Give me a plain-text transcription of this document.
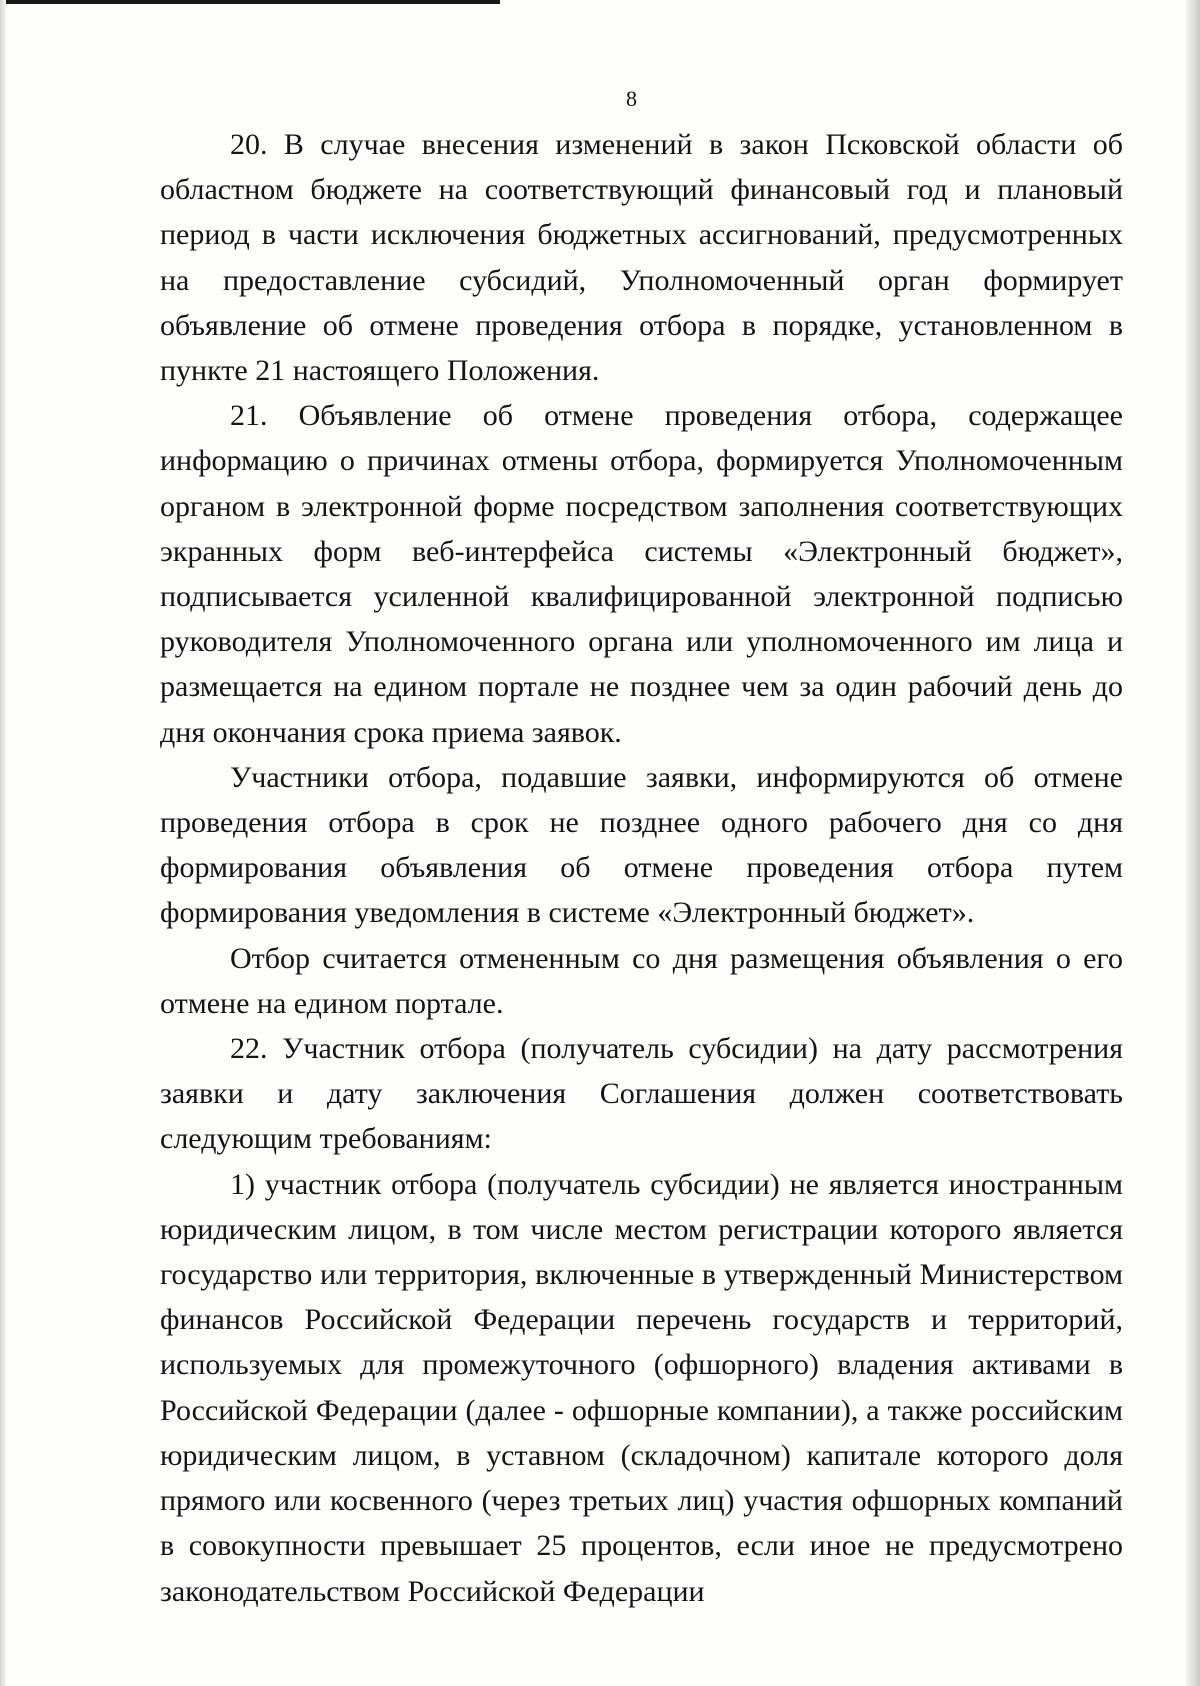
8

20. В случае внесения изменений в закон Псковской области об областном бюджете на соответствующий финансовый год и плановый период в части исключения бюджетных ассигнований, предусмотренных на предоставление субсидий, Уполномоченный орган формирует объявление об отмене проведения отбора в порядке, установленном в пункте 21 настоящего Положения.

21. Объявление об отмене проведения отбора, содержащее информацию о причинах отмены отбора, формируется Уполномоченным органом в электронной форме посредством заполнения соответствующих экранных форм веб-интерфейса системы «Электронный бюджет», подписывается усиленной квалифицированной электронной подписью руководителя Уполномоченного органа или уполномоченного им лица и размещается на едином портале не позднее чем за один рабочий день до дня окончания срока приема заявок.

Участники отбора, подавшие заявки, информируются об отмене проведения отбора в срок не позднее одного рабочего дня со дня формирования объявления об отмене проведения отбора путем формирования уведомления в системе «Электронный бюджет».

Отбор считается отмененным со дня размещения объявления о его отмене на едином портале.

22. Участник отбора (получатель субсидии) на дату рассмотрения заявки и дату заключения Соглашения должен соответствовать следующим требованиям:

1) участник отбора (получатель субсидии) не является иностранным юридическим лицом, в том числе местом регистрации которого является государство или территория, включенные в утвержденный Министерством финансов Российской Федерации перечень государств и территорий, используемых для промежуточного (офшорного) владения активами в Российской Федерации (далее - офшорные компании), а также российским юридическим лицом, в уставном (складочном) капитале которого доля прямого или косвенного (через третьих лиц) участия офшорных компаний в совокупности превышает 25 процентов, если иное не предусмотрено законодательством Российской Федерации
